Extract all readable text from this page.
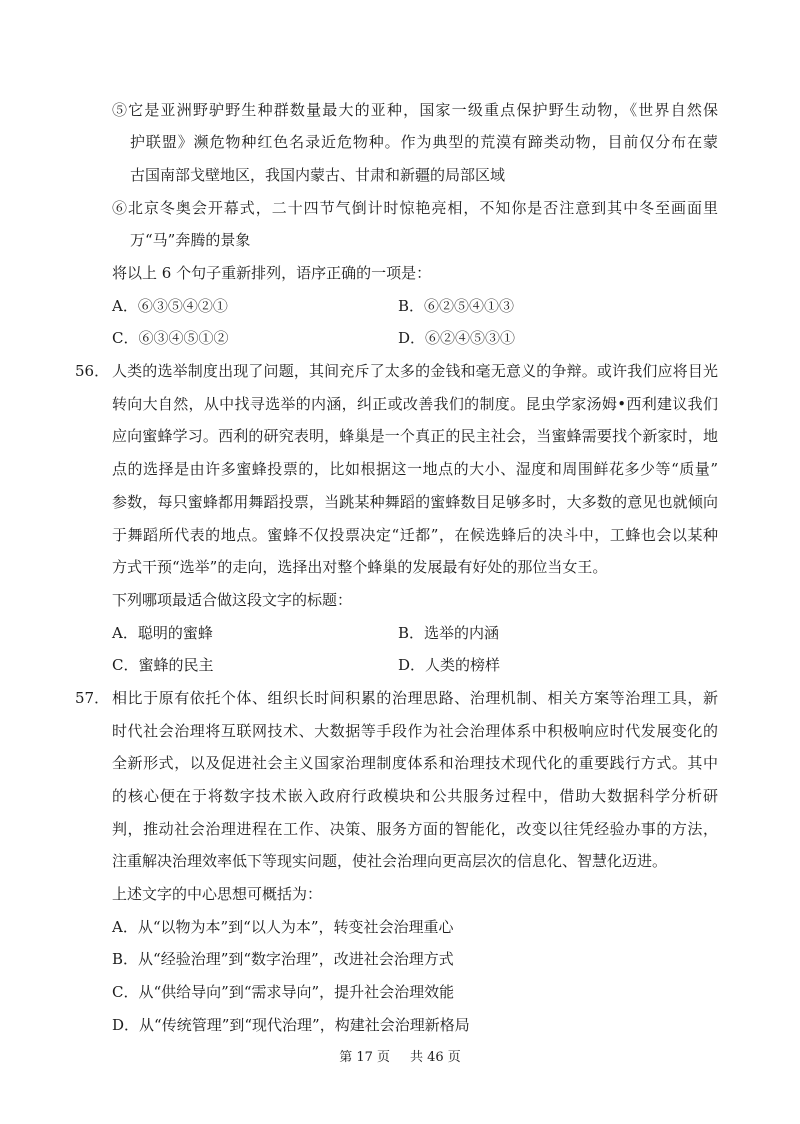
⑤它是亚洲野驴野生种群数量最大的亚种，国家一级重点保护野生动物，《世界自然保
护联盟》濒危物种红色名录近危物种。作为典型的荒漠有蹄类动物，目前仅分布在蒙
古国南部戈壁地区，我国内蒙古、甘肃和新疆的局部区域
⑥北京冬奥会开幕式，二十四节气倒计时惊艳亮相，不知你是否注意到其中冬至画面里
万“马”奔腾的景象
将以上 6 个句子重新排列，语序正确的一项是：
A．⑥③⑤④②①	B．⑥②⑤④①③
C．⑥③④⑤①②	D．⑥②④⑤③①
56． 人类的选举制度出现了问题，其间充斥了太多的金钱和毫无意义的争辩。或许我们应将目光
转向大自然，从中找寻选举的内涵，纠正或改善我们的制度。昆虫学家汤姆•西利建议我们
应向蜜蜂学习。西利的研究表明，蜂巢是一个真正的民主社会，当蜜蜂需要找个新家时，地
点的选择是由许多蜜蜂投票的，比如根据这一地点的大小、湿度和周围鲜花多少等“质量”
参数，每只蜜蜂都用舞蹈投票，当跳某种舞蹈的蜜蜂数目足够多时，大多数的意见也就倾向
于舞蹈所代表的地点。蜜蜂不仅投票决定“迁都”，在候选蜂后的决斗中，工蜂也会以某种
方式干预“选举”的走向，选择出对整个蜂巢的发展最有好处的那位当女王。
下列哪项最适合做这段文字的标题：
A．聪明的蜜蜂	B．选举的内涵
C．蜜蜂的民主	D．人类的榜样
57． 相比于原有依托个体、组织长时间积累的治理思路、治理机制、相关方案等治理工具，新
时代社会治理将互联网技术、大数据等手段作为社会治理体系中积极响应时代发展变化的
全新形式，以及促进社会主义国家治理制度体系和治理技术现代化的重要践行方式。其中
的核心便在于将数字技术嵌入政府行政模块和公共服务过程中，借助大数据科学分析研
判，推动社会治理进程在工作、决策、服务方面的智能化，改变以往凭经验办事的方法，
注重解决治理效率低下等现实问题，使社会治理向更高层次的信息化、智慧化迈进。
上述文字的中心思想可概括为：
A．从“以物为本”到“以人为本”，转变社会治理重心
B．从“经验治理”到“数字治理”，改进社会治理方式
C．从“供给导向”到“需求导向”，提升社会治理效能
D．从“传统管理”到“现代治理”，构建社会治理新格局
第 17 页 共 46 页
